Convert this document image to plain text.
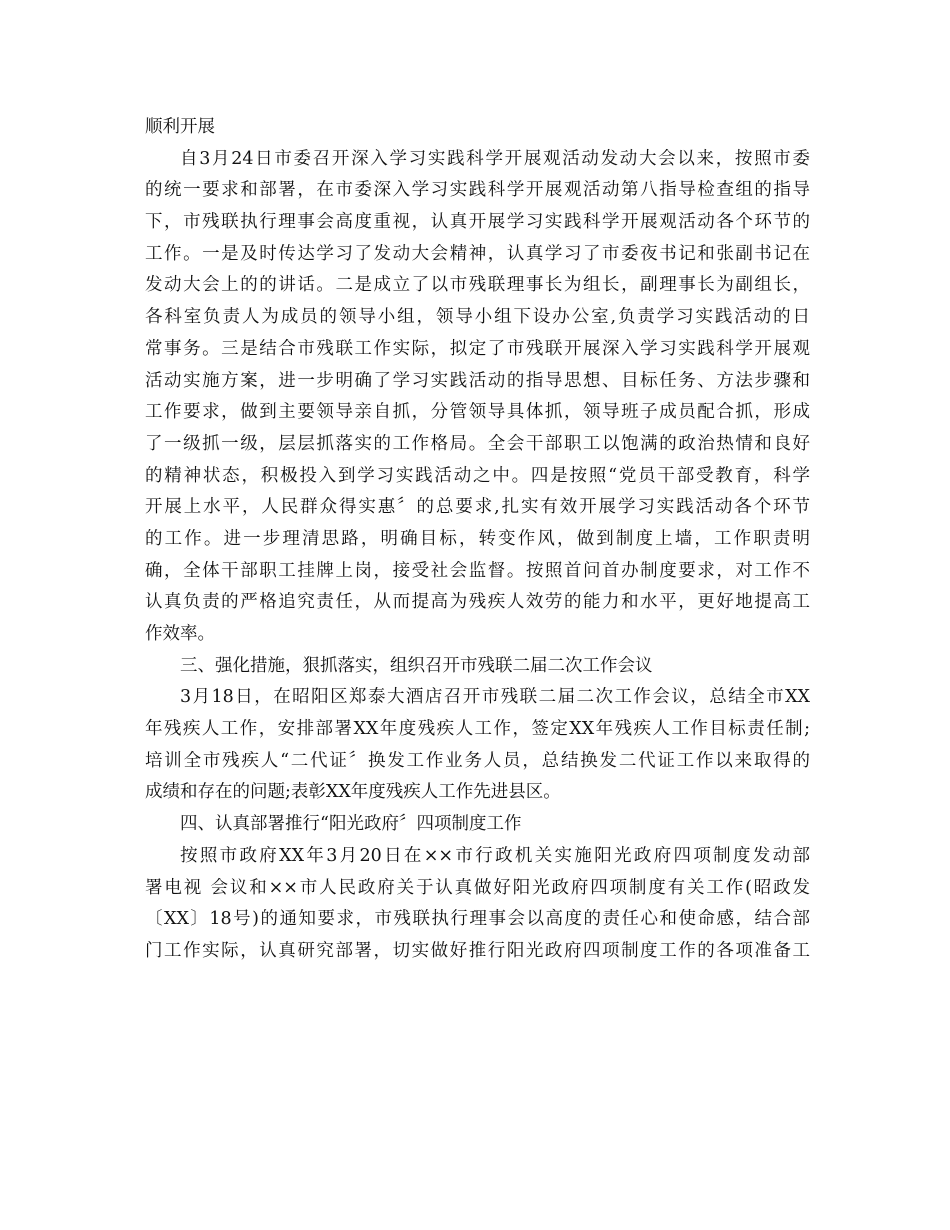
顺利开展
自3月24日市委召开深入学习实践科学开展观活动发动大会以来，按照市委
的统一要求和部署，在市委深入学习实践科学开展观活动第八指导检查组的指导
下，市残联执行理事会高度重视，认真开展学习实践科学开展观活动各个环节的
工作。一是及时传达学习了发动大会精神，认真学习了市委夜书记和张副书记在
发动大会上的的讲话。二是成立了以市残联理事长为组长，副理事长为副组长，
各科室负责人为成员的领导小组，领导小组下设办公室,负责学习实践活动的日
常事务。三是结合市残联工作实际，拟定了市残联开展深入学习实践科学开展观
活动实施方案，进一步明确了学习实践活动的指导思想、目标任务、方法步骤和
工作要求，做到主要领导亲自抓，分管领导具体抓，领导班子成员配合抓，形成
了一级抓一级，层层抓落实的工作格局。全会干部职工以饱满的政治热情和良好
的精神状态，积极投入到学习实践活动之中。四是按照“党员干部受教育，科学
开展上水平，人民群众得实惠〞的总要求,扎实有效开展学习实践活动各个环节
的工作。进一步理清思路，明确目标，转变作风，做到制度上墙，工作职责明
确，全体干部职工挂牌上岗，接受社会监督。按照首问首办制度要求，对工作不
认真负责的严格追究责任，从而提高为残疾人效劳的能力和水平，更好地提高工
作效率。
三、强化措施，狠抓落实，组织召开市残联二届二次工作会议
3月18日，在昭阳区郑泰大酒店召开市残联二届二次工作会议，总结全市XX
年残疾人工作，安排部署XX年度残疾人工作，签定XX年残疾人工作目标责任制;
培训全市残疾人“二代证〞换发工作业务人员，总结换发二代证工作以来取得的
成绩和存在的问题;表彰XX年度残疾人工作先进县区。
四、认真部署推行“阳光政府〞四项制度工作
按照市政府XX年3月20日在××市行政机关实施阳光政府四项制度发动部
署电视 会议和××市人民政府关于认真做好阳光政府四项制度有关工作(昭政发
〔XX〕18号)的通知要求，市残联执行理事会以高度的责任心和使命感，结合部
门工作实际，认真研究部署，切实做好推行阳光政府四项制度工作的各项准备工
